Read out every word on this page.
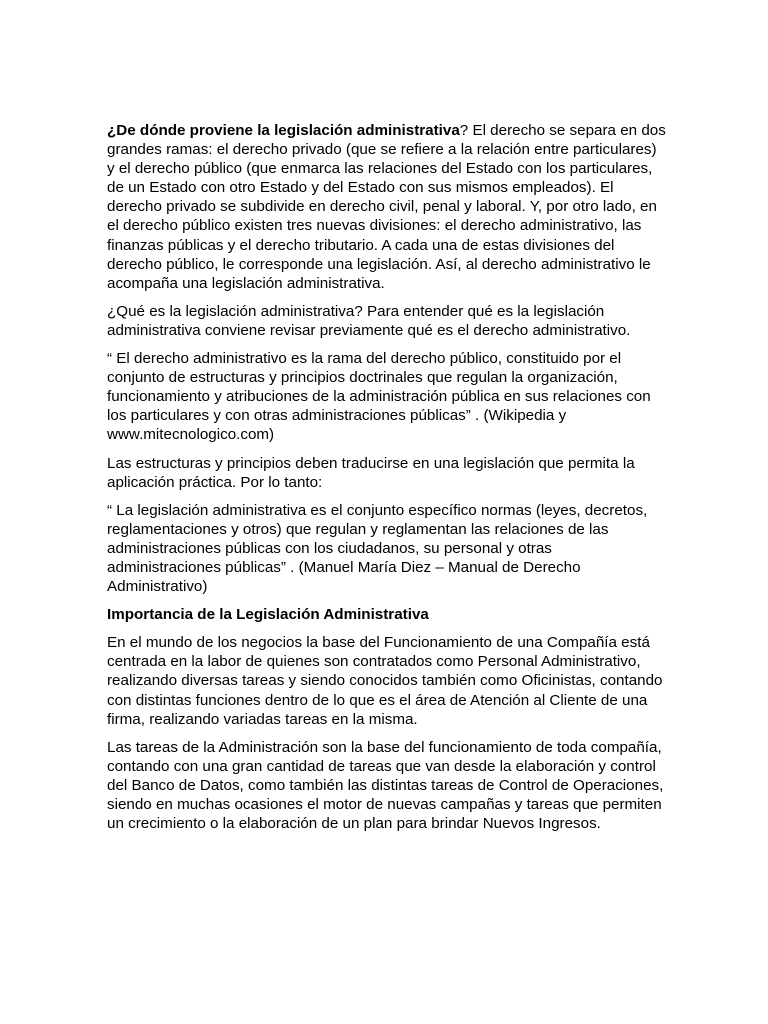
¿De dónde proviene la legislación administrativa? El derecho se separa en dos grandes ramas: el derecho privado (que se refiere a la relación entre particulares) y el derecho público (que enmarca las relaciones del Estado con los particulares, de un Estado con otro Estado y del Estado con sus mismos empleados). El derecho privado se subdivide en derecho civil, penal y laboral. Y, por otro lado, en el derecho público existen tres nuevas divisiones: el derecho administrativo, las finanzas públicas y el derecho tributario. A cada una de estas divisiones del derecho público, le corresponde una legislación. Así, al derecho administrativo le acompaña una legislación administrativa.

¿Qué es la legislación administrativa? Para entender qué es la legislación administrativa conviene revisar previamente qué es el derecho administrativo.

“ El derecho administrativo es la rama del derecho público, constituido por el conjunto de estructuras y principios doctrinales que regulan la organización, funcionamiento y atribuciones de la administración pública en sus relaciones con los particulares y con otras administraciones públicas” . (Wikipedia y www.mitecnologico.com)

Las estructuras y principios deben traducirse en una legislación que permita la aplicación práctica. Por lo tanto:

“ La legislación administrativa es el conjunto específico normas (leyes, decretos, reglamentaciones y otros) que regulan y reglamentan las relaciones de las administraciones públicas con los ciudadanos, su personal y otras administraciones públicas” . (Manuel María Diez – Manual de Derecho Administrativo)

Importancia de la Legislación Administrativa

En el mundo de los negocios la base del Funcionamiento de una Compañía está centrada en la labor de quienes son contratados como Personal Administrativo, realizando diversas tareas y siendo conocidos también como Oficinistas, contando con distintas funciones dentro de lo que es el área de Atención al Cliente de una firma, realizando variadas tareas en la misma.

Las tareas de la Administración son la base del funcionamiento de toda compañía, contando con una gran cantidad de tareas que van desde la elaboración y control del Banco de Datos, como también las distintas tareas de Control de Operaciones, siendo en muchas ocasiones el motor de nuevas campañas y tareas que permiten un crecimiento o la elaboración de un plan para brindar Nuevos Ingresos.
